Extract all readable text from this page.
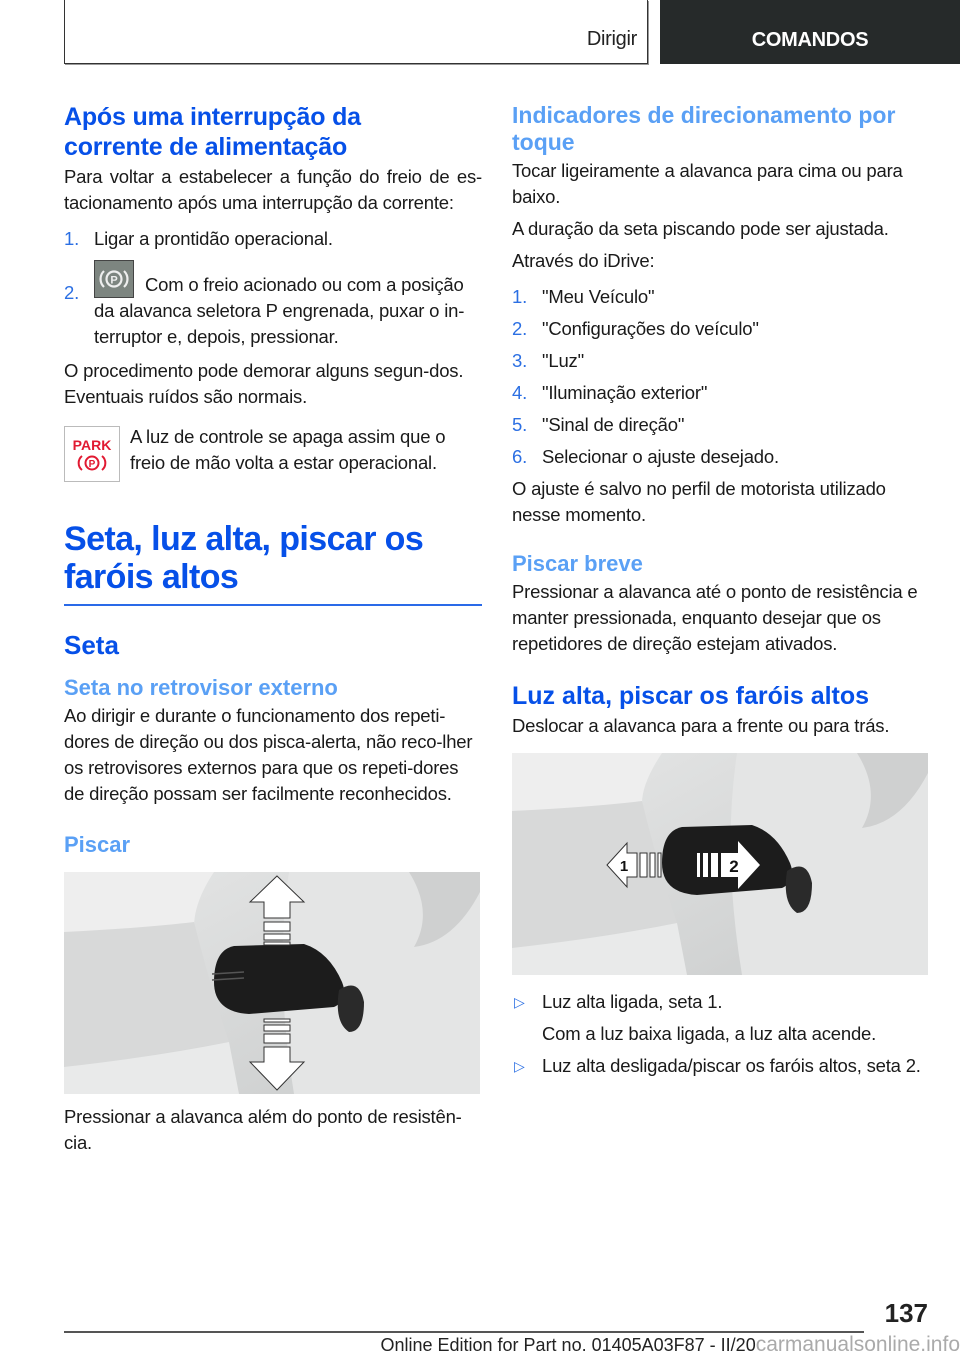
Dirigir	COMANDOS
Após uma interrupção da
corrente de alimentação

Para voltar a estabelecer a função do freio de es-tacionamento após uma interrupção da corrente:

1. Ligar a prontidão operacional.
2.
P Com o freio acionado ou com a posição da alavanca seletora P engrenada, puxar o in-terruptor e, depois, pressionar.

O procedimento pode demorar alguns segun-dos. Eventuais ruídos são normais.

PARK
P

A luz de controle se apaga assim que o freio de mão volta a estar operacional.

Seta, luz alta, piscar os
faróis altos
Seta
Seta no retrovisor externo

Ao dirigir e durante o funcionamento dos repeti-dores de direção ou dos pisca-alerta, não reco-lher os retrovisores externos para que os repeti-dores de direção possam ser facilmente reconhecidos.

Piscar

Pressionar a alavanca além do ponto de resistên-cia.

Indicadores de direcionamento por toque

Tocar ligeiramente a alavanca para cima ou para baixo.

A duração da seta piscando pode ser ajustada.

Através do iDrive:

1. "Meu Veículo"
2. "Configurações do veículo"
3. "Luz"
4. "Iluminação exterior"
5. "Sinal de direção"
6. Selecionar o ajuste desejado.

O ajuste é salvo no perfil de motorista utilizado nesse momento.

Piscar breve

Pressionar a alavanca até o ponto de resistência e manter pressionada, enquanto desejar que os repetidores de direção estejam ativados.

Luz alta, piscar os faróis altos

Deslocar a alavanca para a frente ou para trás.

1	2
▷ Luz alta ligada, seta 1.

Com a luz baixa ligada, a luz alta acende.

▷ Luz alta desligada/piscar os faróis altos, seta 2.
137
Online Edition for Part no. 01405A03F87 - II/20carmanualsonline.info
